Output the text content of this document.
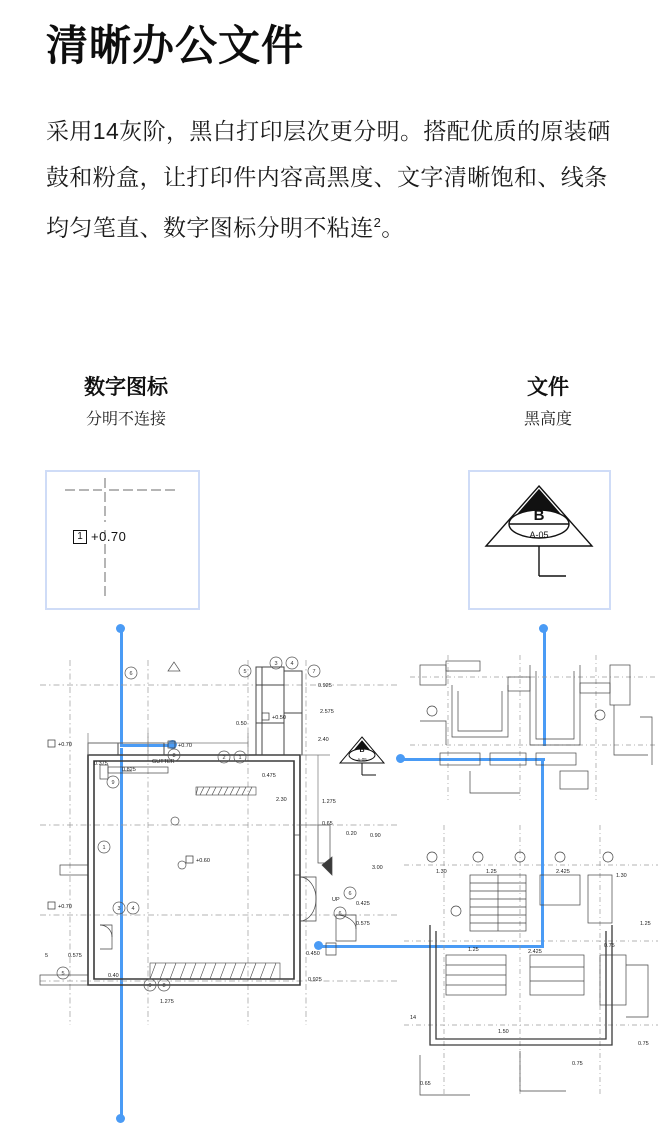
清晰办公文件

采用14灰阶，黑白打印层次更分明。搭配优质的原装硒鼓和粉盒，让打印件内容高黑度、文字清晰饱和、线条均匀笔直、数字图标分明不粘连$^2$。

数字图标
分明不连接
文件
黑高度
1 +0.70
B
A-05
6	5
3 4
7
8	2 1
9
1
3 4
5
9 8
6
6
+0.70	+0.70
+0.70
+0.60
+0.50
0.375
0.825
0.50
0.475
0.925
2.575
2.30
2.40
1.275
0.65
0.20 0.90
3.00
0.425
0.575
0.575
0.40
0.450
0.925
1.275
GUTTER
UP
5
B
A-05
1.30	1.25	2.425
1.30
2.425
1.25
0.75
1.25
14
1.50
0.75
0.75
0.65
